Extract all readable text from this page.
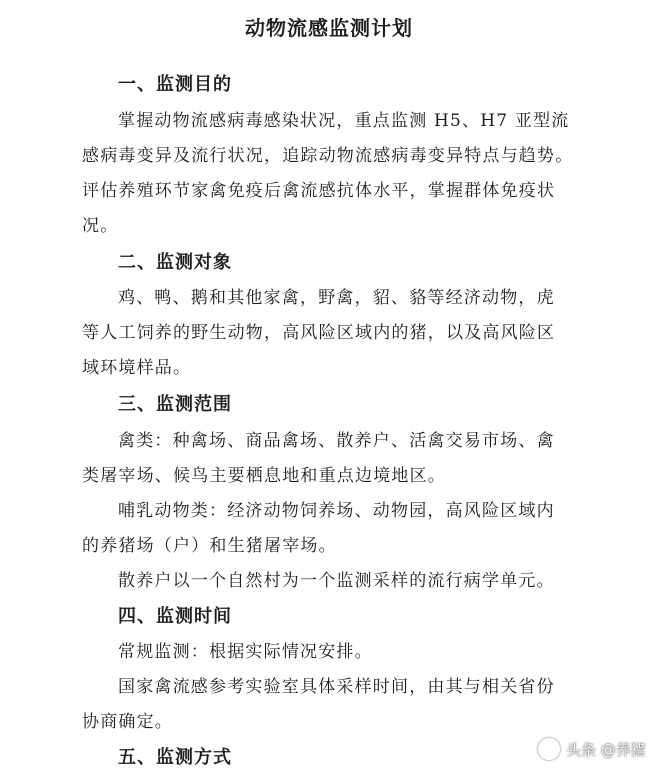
动物流感监测计划
一、监测目的
掌握动物流感病毒感染状况，重点监测 H5、H7 亚型流
感病毒变异及流行状况，追踪动物流感病毒变异特点与趋势。
评估养殖环节家禽免疫后禽流感抗体水平，掌握群体免疫状
况。
二、监测对象
鸡、鸭、鹅和其他家禽，野禽，貂、貉等经济动物，虎
等人工饲养的野生动物，高风险区域内的猪，以及高风险区
域环境样品。
三、监测范围
禽类：种禽场、商品禽场、散养户、活禽交易市场、禽
类屠宰场、候鸟主要栖息地和重点边境地区。
哺乳动物类：经济动物饲养场、动物园，高风险区域内
的养猪场（户）和生猪屠宰场。
散养户以一个自然村为一个监测采样的流行病学单元。
四、监测时间
常规监测：根据实际情况安排。
国家禽流感参考实验室具体采样时间，由其与相关省份
协商确定。
五、监测方式	头条 @养猪
